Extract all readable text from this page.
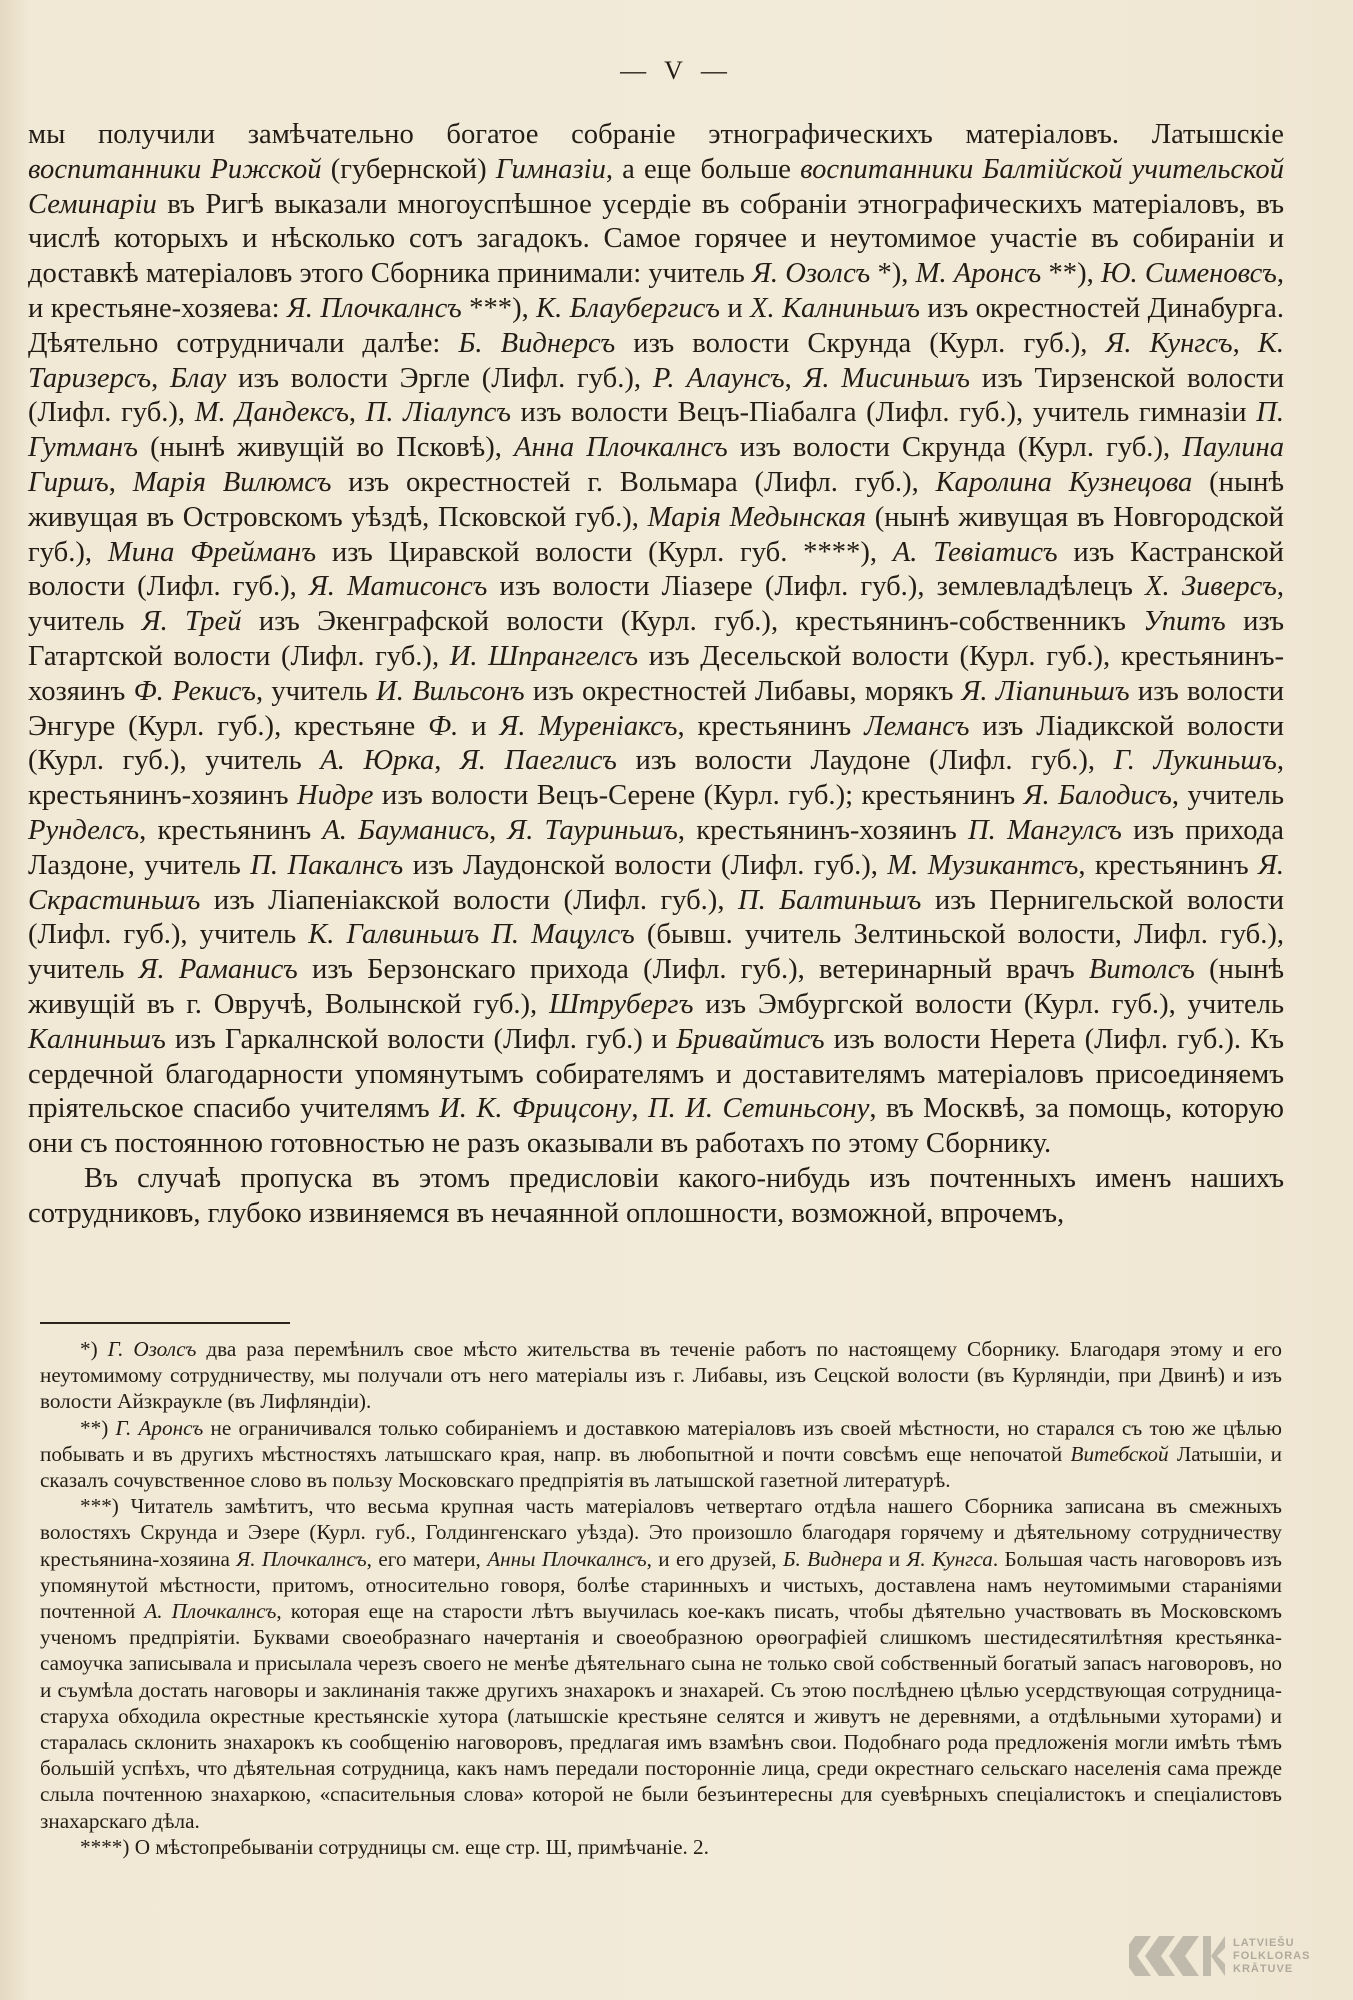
— V —

мы получили замѣчательно богатое собраніе этнографическихъ матеріаловъ. Латышскіе воспитанники Рижской (губернской) Гимназіи, а еще больше воспитанники Балтійской учительской Семинаріи въ Ригѣ выказали многоуспѣшное усердіе въ собраніи этнографическихъ матеріаловъ, въ числѣ которыхъ и нѣсколько сотъ загадокъ. Самое горячее и неутомимое участіе въ собираніи и доставкѣ матеріаловъ этого Сборника принимали: учитель Я. Озолсъ *), М. Аронсъ **), Ю. Сименовсъ, и крестьяне-хозяева: Я. Плочкалнсъ ***), К. Блаубергисъ и Х. Калниньшъ изъ окрестностей Динабурга. Дѣятельно сотрудничали далѣе: Б. Виднерсъ изъ волости Скрунда (Курл. губ.), Я. Кунгсъ, К. Таризерсъ, Блау изъ волости Эргле (Лифл. губ.), Р. Алаунсъ, Я. Мисиньшъ изъ Тирзенской волости (Лифл. губ.), М. Дандексъ, П. Ліалупсъ изъ волости Вецъ-Піабалга (Лифл. губ.), учитель гимназіи П. Гутманъ (нынѣ живущій во Псковѣ), Анна Плочкалнсъ изъ волости Скрунда (Курл. губ.), Паулина Гиршъ, Марія Вилюмсъ изъ окрестностей г. Вольмара (Лифл. губ.), Каролина Кузнецова (нынѣ живущая въ Островскомъ уѣздѣ, Псковской губ.), Марія Медынская (нынѣ живущая въ Новгородской губ.), Мина Фрейманъ изъ Циравской волости (Курл. губ. ****), А. Тевіатисъ изъ Кастранской волости (Лифл. губ.), Я. Матисонсъ изъ волости Ліазере (Лифл. губ.), землевладѣлецъ Х. Зиверсъ, учитель Я. Трей изъ Экенграфской волости (Курл. губ.), крестьянинъ-собственникъ Упитъ изъ Гатартской волости (Лифл. губ.), И. Шпрангелсъ изъ Десельской волости (Курл. губ.), крестьянинъ-хозяинъ Ф. Рекисъ, учитель И. Вильсонъ изъ окрестностей Либавы, морякъ Я. Ліапиньшъ изъ волости Энгуре (Курл. губ.), крестьяне Ф. и Я. Муреніаксъ, крестьянинъ Лемансъ изъ Ліадикской волости (Курл. губ.), учитель А. Юрка, Я. Паеглисъ изъ волости Лаудоне (Лифл. губ.), Г. Лукиньшъ, крестьянинъ-хозяинъ Нидре изъ волости Вецъ-Серене (Курл. губ.); крестьянинъ Я. Балодисъ, учитель Рунделсъ, крестьянинъ А. Бауманисъ, Я. Тауриньшъ, крестьянинъ-хозяинъ П. Мангулсъ изъ прихода Лаздоне, учитель П. Пакалнсъ изъ Лаудонской волости (Лифл. губ.), М. Музикантсъ, крестьянинъ Я. Скрастиньшъ изъ Ліапеніакской волости (Лифл. губ.), П. Балтиньшъ изъ Пернигельской волости (Лифл. губ.), учитель К. Галвиньшъ П. Мацулсъ (бывш. учитель Зелтиньской волости, Лифл. губ.), учитель Я. Раманисъ изъ Берзонскаго прихода (Лифл. губ.), ветеринарный врачъ Витолсъ (нынѣ живущій въ г. Овручѣ, Волынской губ.), Штрубергъ изъ Эмбургской волости (Курл. губ.), учитель Калниньшъ изъ Гаркалнской волости (Лифл. губ.) и Бривайтисъ изъ волости Нерета (Лифл. губ.). Къ сердечной благодарности упомянутымъ собирателямъ и доставителямъ матеріаловъ присоединяемъ пріятельское спасибо учителямъ И. К. Фрицсону, П. И. Сетиньсону, въ Москвѣ, за помощь, которую они съ постоянною готовностью не разъ оказывали въ работахъ по этому Сборнику.

Въ случаѣ пропуска въ этомъ предисловіи какого-нибудь изъ почтенныхъ именъ нашихъ сотрудниковъ, глубоко извиняемся въ нечаянной оплошности, возможной, впрочемъ,

*) Г. Озолсъ два раза перемѣнилъ свое мѣсто жительства въ теченіе работъ по настоящему Сборнику. Благодаря этому и его неутомимому сотрудничеству, мы получали отъ него матеріалы изъ г. Либавы, изъ Сецской волости (въ Курляндіи, при Двинѣ) и изъ волости Айзкраукле (въ Лифляндіи).

**) Г. Аронсъ не ограничивался только собираніемъ и доставкою матеріаловъ изъ своей мѣстности, но старался съ тою же цѣлью побывать и въ другихъ мѣстностяхъ латышскаго края, напр. въ любопытной и почти совсѣмъ еще непочатой Витебской Латышіи, и сказалъ сочувственное слово въ пользу Московскаго предпріятія въ латышской газетной литературѣ.

***) Читатель замѣтитъ, что весьма крупная часть матеріаловъ четвертаго отдѣла нашего Сборника записана въ смежныхъ волостяхъ Скрунда и Эзере (Курл. губ., Голдингенскаго уѣзда). Это произошло благодаря горячему и дѣятельному сотрудничеству крестьянина-хозяина Я. Плочкалнсъ, его матери, Анны Плочкалнсъ, и его друзей, Б. Виднера и Я. Кунгса. Большая часть наговоровъ изъ упомянутой мѣстности, притомъ, относительно говоря, болѣе старинныхъ и чистыхъ, доставлена намъ неутомимыми стараніями почтенной А. Плочкалнсъ, которая еще на старости лѣтъ выучилась кое-какъ писать, чтобы дѣятельно участвовать въ Московскомъ ученомъ предпріятіи. Буквами своеобразнаго начертанія и своеобразною орѳографіей слишкомъ шестидесятилѣтняя крестьянка-самоучка записывала и присылала черезъ своего не менѣе дѣятельнаго сына не только свой собственный богатый запасъ наговоровъ, но и съумѣла достать наговоры и заклинанія также другихъ знахарокъ и знахарей. Съ этою послѣднею цѣлью усердствующая сотрудница-старуха обходила окрестные крестьянскіе хутора (латышскіе крестьяне селятся и живутъ не деревнями, а отдѣльными хуторами) и старалась склонить знахарокъ къ сообщенію наговоровъ, предлагая имъ взамѣнъ свои. Подобнаго рода предложенія могли имѣть тѣмъ большій успѣхъ, что дѣятельная сотрудница, какъ намъ передали посторонніе лица, среди окрестнаго сельскаго населенія сама прежде слыла почтенною знахаркою, «спасительныя слова» которой не были безъинтересны для суевѣрныхъ спеціалистокъ и спеціалистовъ знахарскаго дѣла.

****) О мѣстопребываніи сотрудницы см. еще стр. Ш, примѣчаніе. 2.

LATVIEŠU
FOLKLORAS
KRĀTUVE
